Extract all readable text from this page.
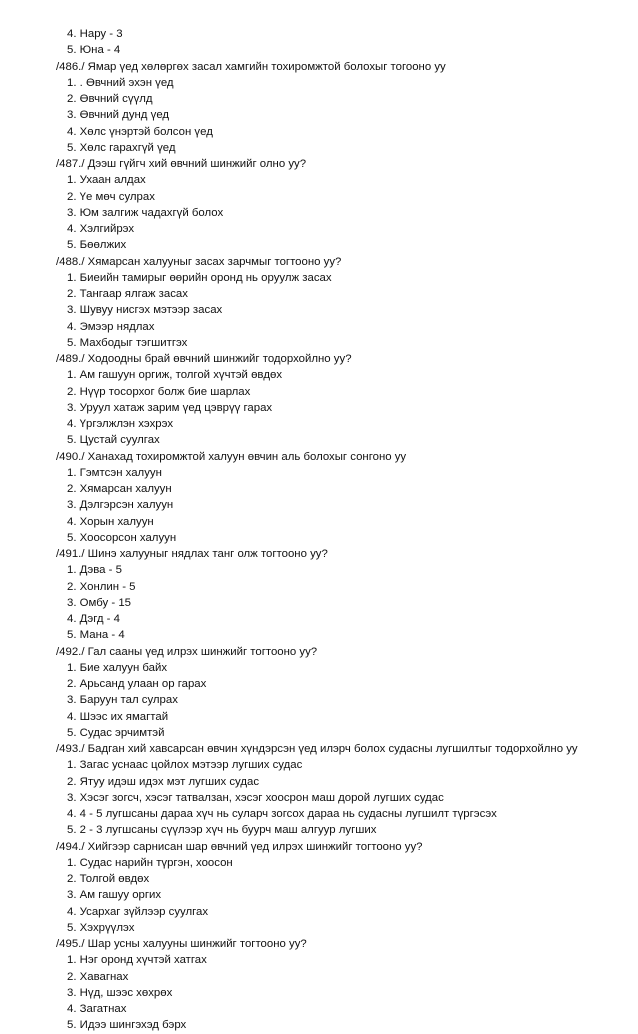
4. Нару - 3
5. Юна - 4
/486./ Ямар үед хөлөргөх засал хамгийн тохиромжтой болохыг тогооно уу
1. . Өвчний эхэн үед
2. Өвчний сүүлд
3. Өвчний дунд үед
4. Хөлс үнэртэй болсон үед
5. Хөлс гарахгүй үед
/487./ Дээш гүйгч хий өвчний шинжийг олно уу?
1. Ухаан алдах
2. Үе мөч сулрах
3. Юм залгиж чадахгүй болох
4. Хэлгийрэх
5. Бөөлжих
/488./ Хямарсан халууныг засах зарчмыг тогтооно уу?
1. Биеийн тамирыг өөрийн оронд нь оруулж засах
2. Тангаар ялгаж засах
3. Шувуу нисгэх мэтээр засах
4. Эмээр нядлах
5. Махбодыг тэгшитгэх
/489./ Ходоодны брай өвчний шинжийг тодорхойлно уу?
1. Ам гашуун оргиж, толгой хүчтэй өвдөх
2. Нүүр тосорхог болж бие шарлах
3. Уруул хатаж зарим үед цэврүү гарах
4. Үргэлжлэн хэхрэх
5. Цустай суулгах
/490./ Ханахад тохиромжтой халуун өвчин аль болохыг сонгоно уу
1. Гэмтсэн халуун
2. Хямарсан халуун
3. Дэлгэрсэн халуун
4. Хорын халуун
5. Хоосорсон халуун
/491./ Шинэ халууныг нядлах танг олж тогтооно уу?
1. Дэва - 5
2. Хонлин - 5
3. Омбу - 15
4. Дэгд - 4
5. Мана - 4
/492./ Гал сааны үед илрэх шинжийг тогтооно уу?
1. Бие халуун байх
2. Арьсанд улаан ор гарах
3. Баруун тал сулрах
4. Шээс их ямагтай
5. Судас эрчимтэй
/493./ Бадган хий хавсарсан өвчин хүндэрсэн үед илэрч болох судасны лугшилтыг тодорхойлно уу
1. Загас уснаас цойлох мэтээр лугших судас
2. Ятуу идэш идэх мэт лугших судас
3. Хэсэг зогсч, хэсэг татвалзан, хэсэг хоосрон маш дорой лугших судас
4. 4 - 5 лугшсаны дараа хүч нь суларч зогсох дараа нь судасны лугшилт түргэсэх
5. 2 - 3 лугшсаны сүүлээр хүч нь буурч маш алгуур лугших
/494./ Хийгээр сарнисан шар өвчний үед илрэх шинжийг тогтооно уу?
1. Судас нарийн түргэн, хоосон
2. Толгой өвдөх
3. Ам гашуу оргих
4. Усархаг зүйлээр суулгах
5. Хэхрүүлэх
/495./ Шар усны халууны шинжийг тогтооно уу?
1. Нэг оронд хүчтэй хатгах
2. Хавагнах
3. Нүд, шээс хөхрөх
4. Загатнах
5. Идээ шингэхэд бэрх
